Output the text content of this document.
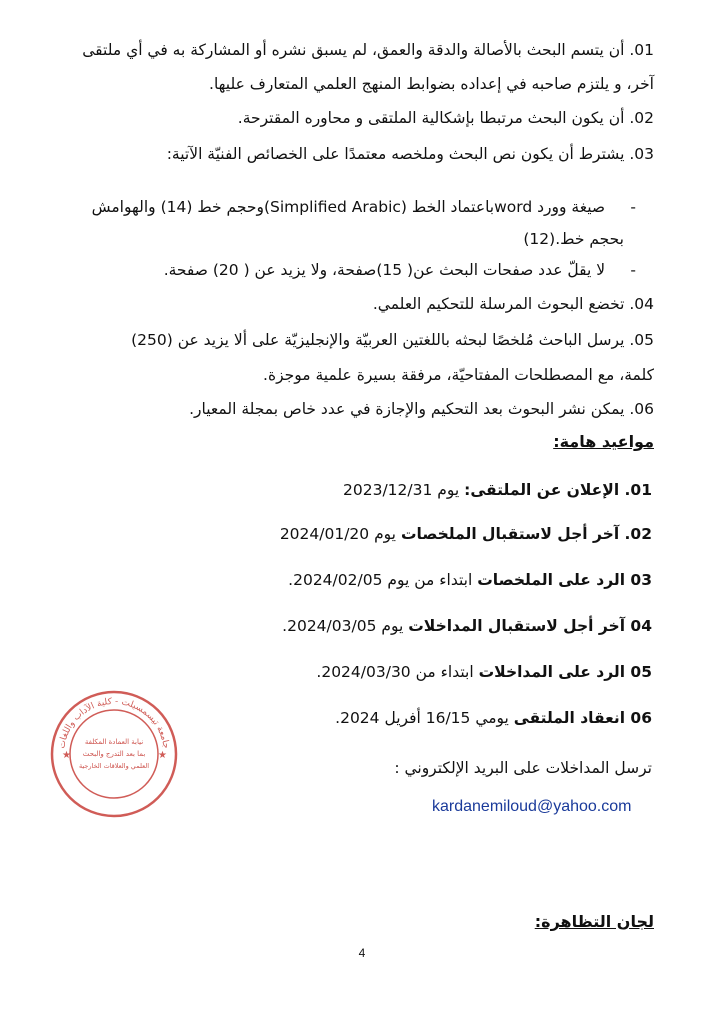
01. أن يتسم البحث بالأصالة والدقة والعمق، لم يسبق نشره أو المشاركة به في أي ملتقى
آخر، و يلتزم صاحبه في إعداده بضوابط المنهج العلمي المتعارف عليها.
02. أن يكون البحث مرتبطا بإشكالية الملتقى و محاوره المقترحة.
03. يشترط أن يكون نص البحث وملخصه معتمدًا على الخصائص الفنيّة الآتية:
- صيغة وورد wordباعتماد الخط (Simplified Arabic)وحجم خط (14) والهوامش
بحجم خط.(12)
- لا يقلّ عدد صفحات البحث عن( 15)صفحة، ولا يزيد عن ( 20) صفحة.
04. تخضع البحوث المرسلة للتحكيم العلمي.
05. يرسل الباحث مُلخصًا لبحثه باللغتين العربيّة والإنجليزيّة على ألا يزيد عن (250)
كلمة، مع المصطلحات المفتاحيّة، مرفقة بسيرة علمية موجزة.
06. يمكن نشر البحوث بعد التحكيم والإجازة في عدد خاص بمجلة المعيار.
مواعيد هامة:
01. الإعلان عن الملتقى: يوم 2023/12/31
02. آخر أجل لاستقبال الملخصات يوم 2024/01/20
03 الرد على الملخصات ابتداء من يوم 2024/02/05.
04 آخر أجل لاستقبال المداخلات يوم 2024/03/05.
05 الرد على المداخلات ابتداء من 2024/03/30.
06 انعقاد الملتقى يومي 16/15 أفريل 2024.
ترسل المداخلات على البريد الإلكتروني :
kardanemiloud@yahoo.com
جامعة تيسمسيلت - كلية الآداب واللغات
★	★
نيابة العمادة المكلفة
بما بعد التدرج والبحث
العلمي والعلاقات الخارجية
لجان التظاهرة:
4
